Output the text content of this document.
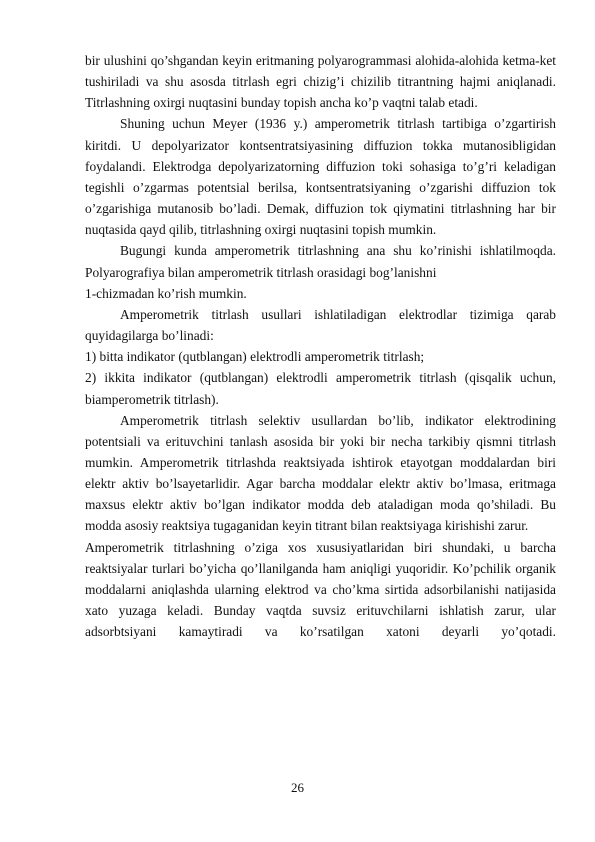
bir ulushini qo’shgandan keyin eritmaning polyarogrammasi alohida-alohida ketma-ket tushiriladi va shu asosda titrlash egri chizig’i chizilib titrantning hajmi aniqlanadi. Titrlashning oxirgi nuqtasini bunday topish ancha ko’p vaqtni talab etadi.

Shuning uchun Meyer (1936 y.) amperometrik titrlash tartibiga o’zgartirish kiritdi. U depolyarizator kontsentratsiyasining diffuzion tokka mutanosibligidan foydalandi. Elektrodga depolyarizatorning diffuzion toki sohasiga to’g’ri keladigan tegishli o’zgarmas potentsial berilsa, kontsentratsiyaning o’zgarishi diffuzion tok o’zgarishiga mutanosib bo’ladi. Demak, diffuzion tok qiymatini titrlashning har bir nuqtasida qayd qilib, titrlashning oxirgi nuqtasini topish mumkin.

Bugungi kunda amperometrik titrlashning ana shu ko’rinishi ishlatilmoqda. Polyarografiya bilan amperometrik titrlash orasidagi bog’lanishni

1-chizmadan ko’rish mumkin.

Amperometrik titrlash usullari ishlatiladigan elektrodlar tizimiga qarab quyidagilarga bo’linadi:

1) bitta indikator (qutblangan) elektrodli amperometrik titrlash;

2) ikkita indikator (qutblangan) elektrodli amperometrik titrlash (qisqalik uchun, biamperometrik titrlash).

Amperometrik titrlash selektiv usullardan bo’lib, indikator elektrodining potentsiali va erituvchini tanlash asosida bir yoki bir necha tarkibiy qismni titrlash mumkin. Amperometrik titrlashda reaktsiyada ishtirok etayotgan moddalardan biri elektr aktiv bo’lsayetarlidir. Agar barcha moddalar elektr aktiv bo’lmasa, eritmaga maxsus elektr aktiv bo’lgan indikator modda deb ataladigan moda qo’shiladi. Bu modda asosiy reaktsiya tugaganidan keyin titrant bilan reaktsiyaga kirishishi zarur.

Amperometrik titrlashning o’ziga xos xususiyatlaridan biri shundaki, u barcha reaktsiyalar turlari bo’yicha qo’llanilganda ham aniqligi yuqoridir. Ko’pchilik organik moddalarni aniqlashda ularning elektrod va cho’kma sirtida adsorbilanishi natijasida xato yuzaga keladi. Bunday vaqtda suvsiz erituvchilarni ishlatish zarur, ular adsorbtsiyani kamaytiradi va ko’rsatilgan xatoni deyarli yo’qotadi.

26
